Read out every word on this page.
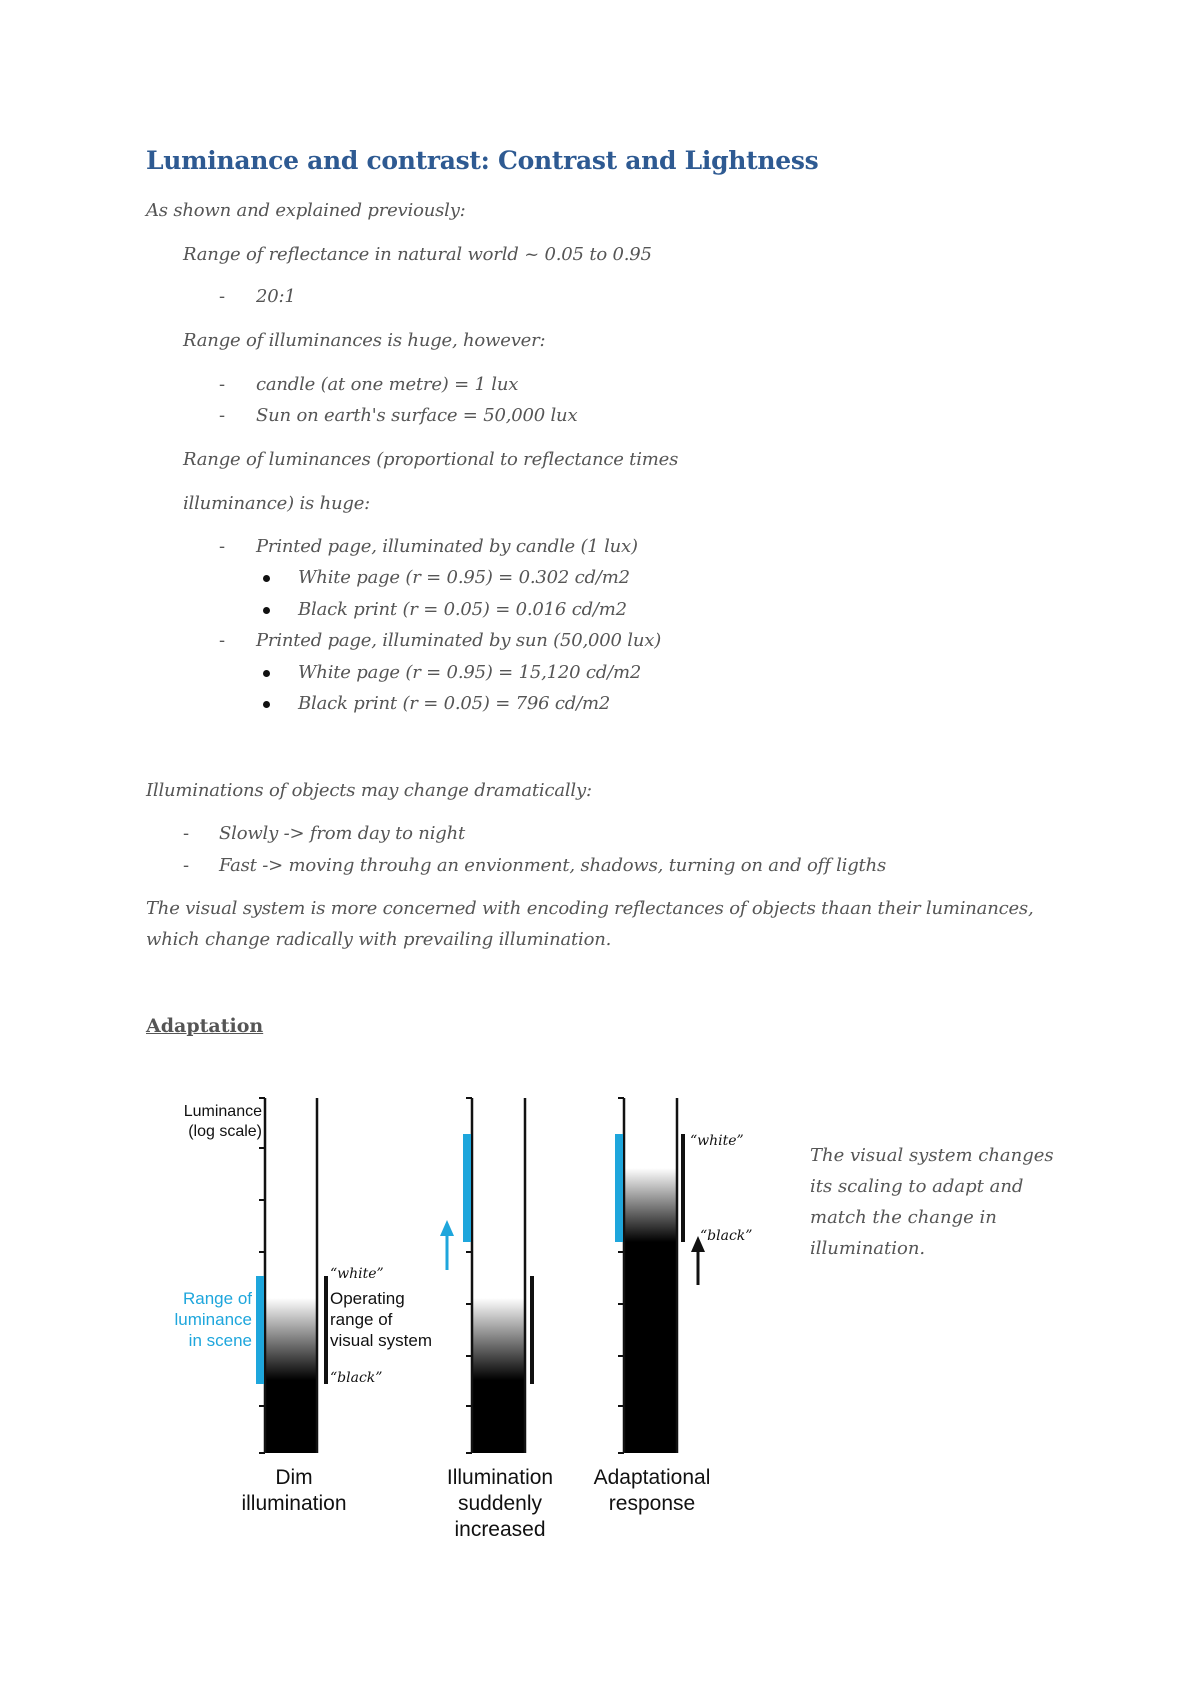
Luminance and contrast: Contrast and Lightness
As shown and explained previously:
Range of reflectance in natural world ~ 0.05 to 0.95
- 20:1
Range of illuminances is huge, however:
- candle (at one metre) = 1 lux
- Sun on earth's surface = 50,000 lux
Range of luminances (proportional to reflectance times
illuminance) is huge:
- Printed page, illuminated by candle (1 lux)
White page (r = 0.95) = 0.302 cd/m2
Black print (r = 0.05) = 0.016 cd/m2
- Printed page, illuminated by sun (50,000 lux)
White page (r = 0.95) = 15,120 cd/m2
Black print (r = 0.05) = 796 cd/m2
Illuminations of objects may change dramatically:
- Slowly -> from day to night
- Fast -> moving throuhg an envionment, shadows, turning on and off ligths
The visual system is more concerned with encoding reflectances of objects thaan their luminances,
which change radically with prevailing illumination.
Adaptation
Luminance
(log scale)
Range of
luminance
in scene
“white”
Operating
range of
visual system
“black”
Dim
illumination
Illumination
suddenly
increased
“white”
“black”
Adaptational
response
The visual system changes
its scaling to adapt and
match the change in
illumination.
